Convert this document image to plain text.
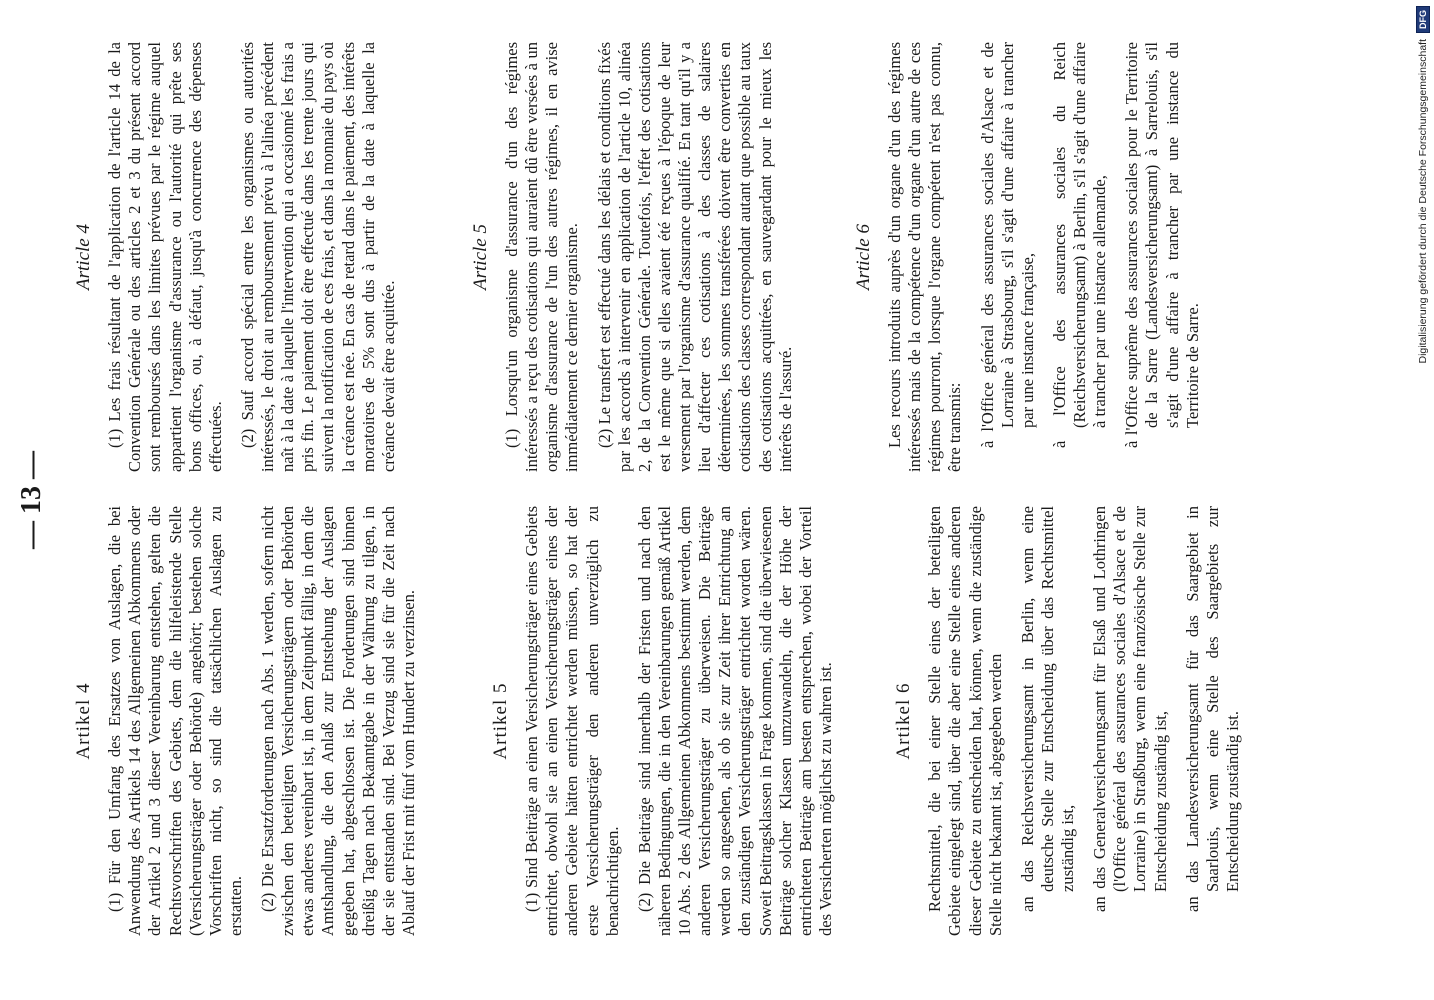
— 13 —
Artikel 4 (1) Für den Umfang des Ersatzes von Auslagen, die bei Anwendung des Artikels 14 des Allgemeinen Abkommens oder der Artikel 2 und 3 dieser Vereinbarung entstehen, gelten die Rechtsvorschriften des Gebiets, dem die hilfeleistende Stelle (Versicherungsträger oder Behörde) angehört; bestehen solche Vorschriften nicht, so sind die tatsächlichen Auslagen zu erstatten. (2) Die Ersatzforderungen nach Abs. 1 werden, sofern nicht zwischen den beteiligten Versicherungsträgern oder Behörden etwas anderes vereinbart ist, in dem Zeitpunkt fällig, in dem die Amtshandlung, die den Anlaß zur Entstehung der Auslagen gegeben hat, abgeschlossen ist. Die Forderungen sind binnen dreißig Tagen nach Bekanntgabe in der Währung zu tilgen, in der sie entstanden sind. Bei Verzug sind sie für die Zeit nach Ablauf der Frist mit fünf vom Hundert zu verzinsen.	Artikel 5 (1) Sind Beiträge an einen Versicherungsträger eines Gebiets entrichtet, obwohl sie an einen Versicherungsträger eines der anderen Gebiete hätten entrichtet werden müssen, so hat der erste Versicherungsträger den anderen unverzüglich zu benachrichtigen. (2) Die Beiträge sind innerhalb der Fristen und nach den näheren Bedingungen, die in den Vereinbarungen gemäß Artikel 10 Abs. 2 des Allgemeinen Abkommens bestimmt werden, dem anderen Versicherungsträger zu überweisen. Die Beiträge werden so angesehen, als ob sie zur Zeit ihrer Entrichtung an den zuständigen Versicherungsträger entrichtet worden wären. Soweit Beitragsklassen in Frage kommen, sind die überwiesenen Beiträge solcher Klassen umzuwandeln, die der Höhe der entrichteten Beiträge am besten entsprechen, wobei der Vorteil des Versicherten möglichst zu wahren ist.	Artikel 6 Rechtsmittel, die bei einer Stelle eines der beteiligten Gebiete eingelegt sind, über die aber eine Stelle eines anderen dieser Gebiete zu entscheiden hat, können, wenn die zuständige Stelle nicht bekannt ist, abgegeben werden an das Reichsversicherungsamt in Berlin, wenn eine deutsche Stelle zur Entscheidung über das Rechtsmittel zuständig ist, an das Generalversicherungsamt für Elsaß und Lothringen (l'Office général des assurances sociales d'Alsace et de Lorraine) in Straßburg, wenn eine französische Stelle zur Entscheidung zuständig ist, an das Landesversicherungsamt für das Saargebiet in Saarlouis, wenn eine Stelle des Saargebiets zur Entscheidung zuständig ist.
Article 4 (1) Les frais résultant de l'application de l'article 14 de la Convention Générale ou des articles 2 et 3 du présent accord sont remboursés dans les limites prévues par le régime auquel appartient l'organisme d'assurance ou l'autorité qui prête ses bons offices, ou, à défaut, jusqu'à concurrence des dépenses effectuées. (2) Sauf accord spécial entre les organismes ou autorités intéressés, le droit au remboursement prévu à l'alinéa précédent naît à la date à laquelle l'intervention qui a occasionné les frais a pris fin. Le paiement doit être effectué dans les trente jours qui suivent la notification de ces frais, et dans la monnaie du pays où la créance est née. En cas de retard dans le paiement, des intérêts moratoires de 5% sont dus à partir de la date à laquelle la créance devait être acquittée.

Article 5 (1) Lorsqu'un organisme d'assurance d'un des régimes intéressés a reçu des cotisations qui auraient dû être versées à un organisme d'assurance de l'un des autres régimes, il en avise immédiatement ce dernier organisme. (2) Le transfert est effectué dans les délais et conditions fixés par les accords à intervenir en application de l'article 10, alinéa 2, de la Convention Générale. Toutefois, l'effet des cotisations est le même que si elles avaient été reçues à l'époque de leur versement par l'organisme d'assurance qualifié. En tant qu'il y a lieu d'affecter ces cotisations à des classes de salaires déterminées, les sommes transférées doivent être converties en cotisations des classes correspondant autant que possible au taux des cotisations acquittées, en sauvegardant pour le mieux les intérêts de l'assuré.

Article 6 Les recours introduits auprès d'un organe d'un des régimes intéressés mais de la compétence d'un organe d'un autre de ces régimes pourront, lorsque l'organe compétent n'est pas connu, être transmis: à l'Office général des assurances sociales d'Alsace et de Lorraine à Strasbourg, s'il s'agit d'une affaire à trancher par une instance française, à l'Office des assurances sociales du Reich (Reichsversicherungsamt) à Berlin, s'il s'agit d'une affaire à trancher par une instance allemande, à l'Office suprême des assurances sociales pour le Territoire de la Sarre (Landesversicherungsamt) à Sarrelouis, s'il s'agit d'une affaire à trancher par une instance du Territoire de Sarre.
Digitalisierung gefördert durch die Deutsche Forschungsgemeinschaft
DFG
